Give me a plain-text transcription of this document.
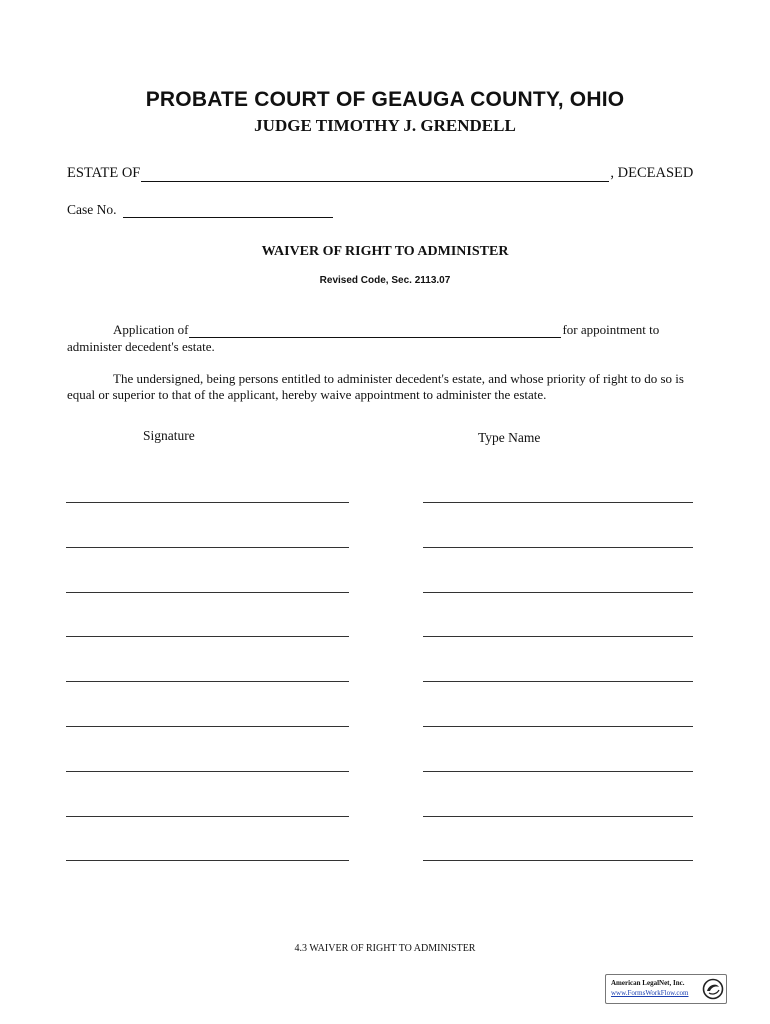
PROBATE COURT OF GEAUGA COUNTY, OHIO
JUDGE TIMOTHY J. GRENDELL
ESTATE OF	, DECEASED
Case No.
WAIVER OF RIGHT TO ADMINISTER
Revised Code, Sec. 2113.07
Application of	for appointment to
administer decedent's estate.
The undersigned, being persons entitled to administer decedent's estate, and whose priority of right to do so is equal or superior to that of the applicant, hereby waive appointment to administer the estate.
Signature	Type Name
4.3 WAIVER OF RIGHT TO ADMINISTER
American LegalNet, Inc.
www.FormsWorkFlow.com
